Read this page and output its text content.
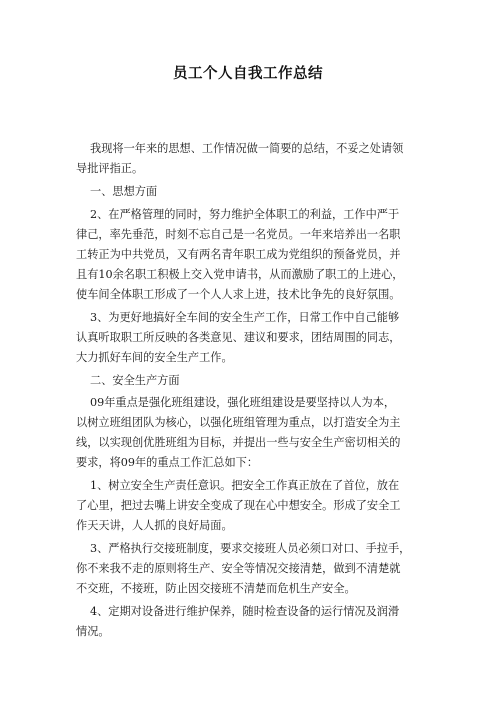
员工个人自我工作总结
我现将一年来的思想、工作情况做一简要的总结，不妥之处请领
导批评指正。
一、思想方面
2、在严格管理的同时，努力维护全体职工的利益，工作中严于
律己，率先垂范，时刻不忘自己是一名党员。一年来培养出一名职
工转正为中共党员，又有两名青年职工成为党组织的预备党员，并
且有10余名职工积极上交入党申请书，从而激励了职工的上进心，
使车间全体职工形成了一个人人求上进，技术比争先的良好氛围。
3、为更好地搞好全车间的安全生产工作，日常工作中自己能够
认真听取职工所反映的各类意见、建议和要求，团结周围的同志，
大力抓好车间的安全生产工作。
二、安全生产方面
09年重点是强化班组建设，强化班组建设是要坚持以人为本，
以树立班组团队为核心，以强化班组管理为重点，以打造安全为主
线，以实现创优胜班组为目标，并提出一些与安全生产密切相关的
要求，将09年的重点工作汇总如下：
1、树立安全生产责任意识。把安全工作真正放在了首位，放在
了心里，把过去嘴上讲安全变成了现在心中想安全。形成了安全工
作天天讲，人人抓的良好局面。
3、严格执行交接班制度，要求交接班人员必须口对口、手拉手，
你不来我不走的原则将生产、安全等情况交接清楚，做到不清楚就
不交班，不接班，防止因交接班不清楚而危机生产安全。
4、定期对设备进行维护保养，随时检查设备的运行情况及润滑
情况。
